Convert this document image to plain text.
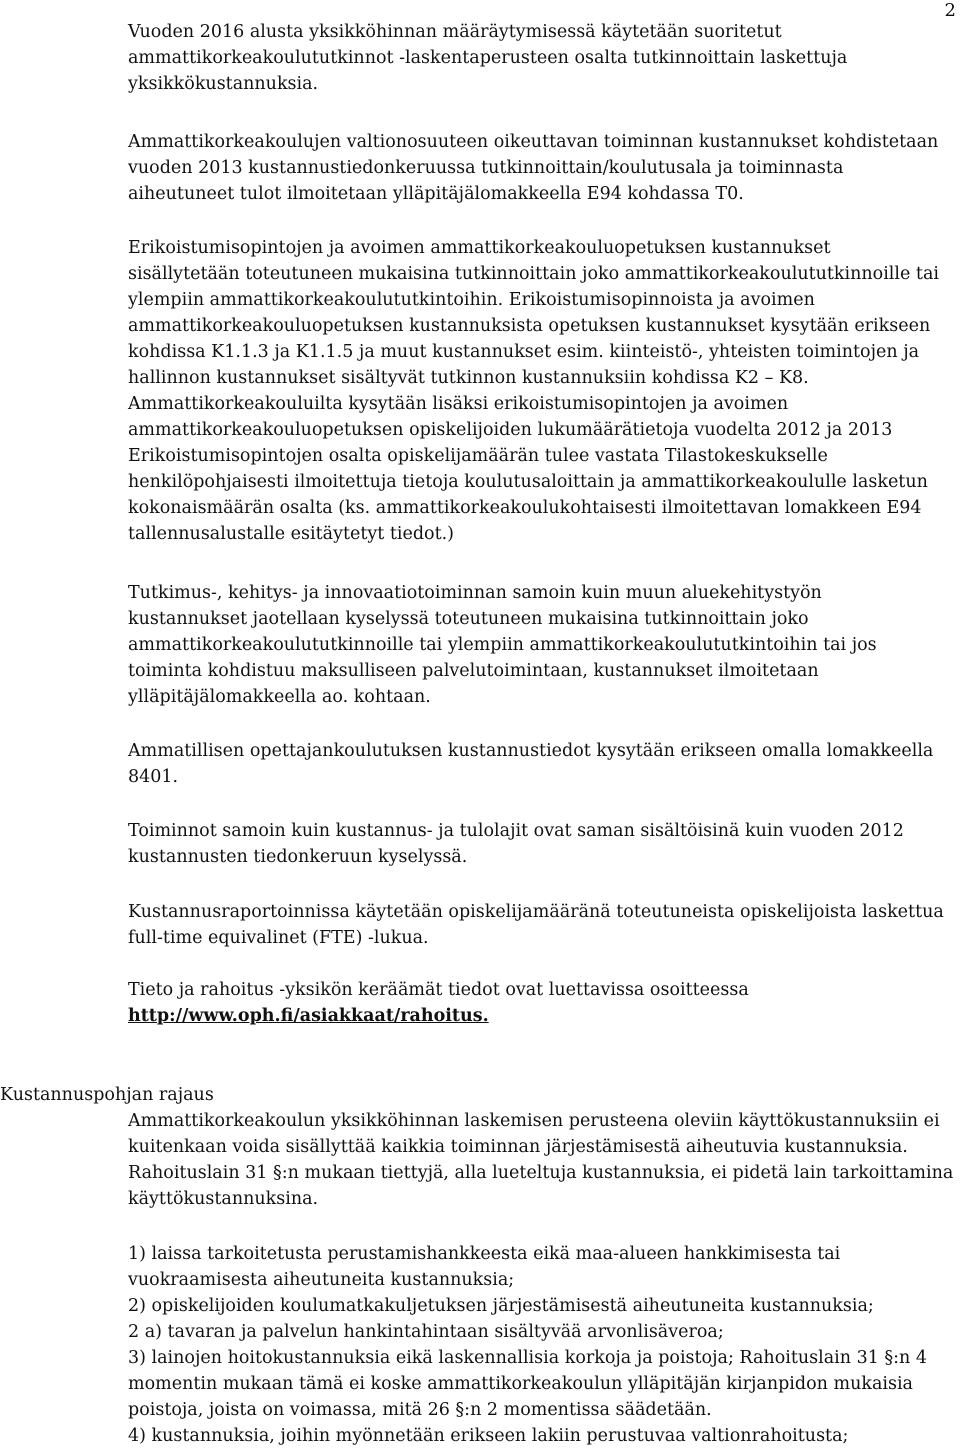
2

Vuoden 2016 alusta yksikköhinnan määräytymisessä käytetään suoritetut
ammattikorkeakoulututkinnot -laskentaperusteen osalta tutkinnoittain laskettuja
yksikkökustannuksia.

Ammattikorkeakoulujen valtionosuuteen oikeuttavan toiminnan kustannukset kohdistetaan
vuoden 2013 kustannustiedonkeruussa tutkinnoittain/koulutusala ja toiminnasta
aiheutuneet tulot ilmoitetaan ylläpitäjälomakkeella E94 kohdassa T0.

Erikoistumisopintojen ja avoimen ammattikorkeakouluopetuksen kustannukset
sisällytetään toteutuneen mukaisina tutkinnoittain joko ammattikorkeakoulututkinnoille tai
ylempiin ammattikorkeakoulututkintoihin. Erikoistumisopinnoista ja avoimen
ammattikorkeakouluopetuksen kustannuksista opetuksen kustannukset kysytään erikseen
kohdissa K1.1.3 ja K1.1.5 ja muut kustannukset esim. kiinteistö-, yhteisten toimintojen ja
hallinnon kustannukset sisältyvät tutkinnon kustannuksiin kohdissa K2 – K8.
Ammattikorkeakouluilta kysytään lisäksi erikoistumisopintojen ja avoimen
ammattikorkeakouluopetuksen opiskelijoiden lukumäärätietoja vuodelta 2012 ja 2013
Erikoistumisopintojen osalta opiskelijamäärän tulee vastata Tilastokeskukselle
henkilöpohjaisesti ilmoitettuja tietoja koulutusaloittain ja ammattikorkeakoululle lasketun
kokonaismäärän osalta (ks. ammattikorkeakoulukohtaisesti ilmoitettavan lomakkeen E94
tallennusalustalle esitäytetyt tiedot.)

Tutkimus-, kehitys- ja innovaatiotoiminnan samoin kuin muun aluekehitystyön
kustannukset jaotellaan kyselyssä toteutuneen mukaisina tutkinnoittain joko
ammattikorkeakoulututkinnoille tai ylempiin ammattikorkeakoulututkintoihin tai jos
toiminta kohdistuu maksulliseen palvelutoimintaan, kustannukset ilmoitetaan
ylläpitäjälomakkeella ao. kohtaan.

Ammatillisen opettajankoulutuksen kustannustiedot kysytään erikseen omalla lomakkeella
8401.

Toiminnot samoin kuin kustannus- ja tulolajit ovat saman sisältöisinä kuin vuoden 2012
kustannusten tiedonkeruun kyselyssä.

Kustannusraportoinnissa käytetään opiskelijamääränä toteutuneista opiskelijoista laskettua
full-time equivalinet (FTE) -lukua.

Tieto ja rahoitus -yksikön keräämät tiedot ovat luettavissa osoitteessa
http://www.oph.fi/asiakkaat/rahoitus.

Kustannuspohjan rajaus

Ammattikorkeakoulun yksikköhinnan laskemisen perusteena oleviin käyttökustannuksiin ei
kuitenkaan voida sisällyttää kaikkia toiminnan järjestämisestä aiheutuvia kustannuksia.
Rahoituslain 31 §:n mukaan tiettyjä, alla lueteltuja kustannuksia, ei pidetä lain tarkoittamina
käyttökustannuksina.

1) laissa tarkoitetusta perustamishankkeesta eikä maa-alueen hankkimisesta tai
vuokraamisesta aiheutuneita kustannuksia;
2) opiskelijoiden koulumatkakuljetuksen järjestämisestä aiheutuneita kustannuksia;
2 a) tavaran ja palvelun hankintahintaan sisältyvää arvonlisäveroa;
3) lainojen hoitokustannuksia eikä laskennallisia korkoja ja poistoja; Rahoituslain 31 §:n 4
momentin mukaan tämä ei koske ammattikorkeakoulun ylläpitäjän kirjanpidon mukaisia
poistoja, joista on voimassa, mitä 26 §:n 2 momentissa säädetään.
4) kustannuksia, joihin myönnetään erikseen lakiin perustuvaa valtionrahoitusta;
